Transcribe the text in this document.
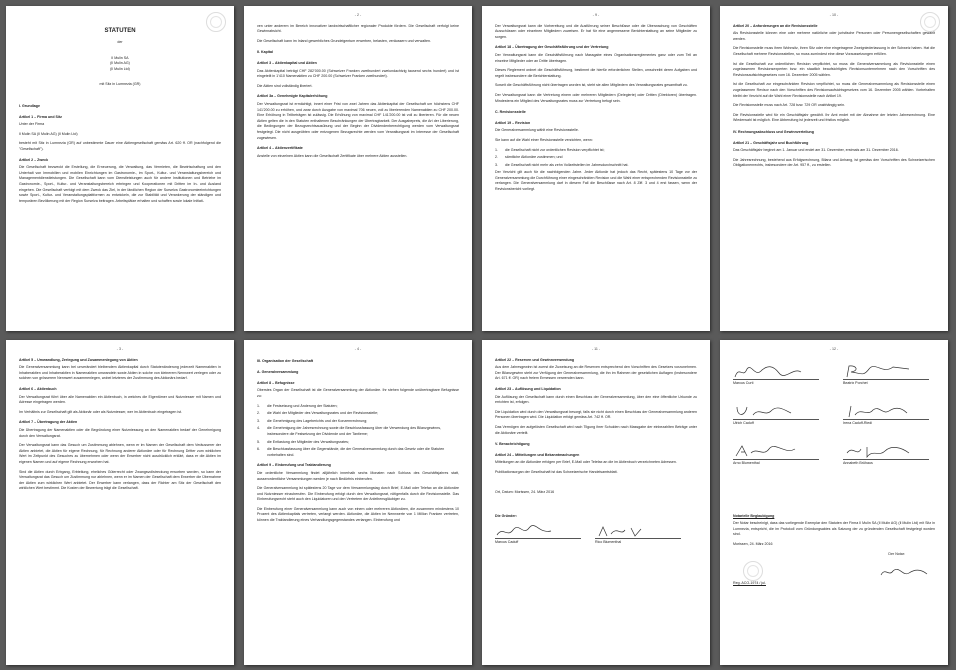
STATUTEN
der
Il Mulin SA
(Il Mulin AG)
(Il Mulin Ltd)
mit Sitz in Lumnezia (GR)
I. Grundlage
Artikel 1 – Firma und Sitz
Unter der Firma
Il Mulin SA (Il Mulin AG) (Il Mulin Ltd)
besteht mit Sitz in Lumnezia (GR) auf unbestimmte Dauer eine Aktiengesellschaft gemäss Art. 620 ff. OR (nachfolgend die "Gesellschaft").
Artikel 2 – Zweck
Die Gesellschaft bezweckt die Erstellung, die Erneuerung, die Verwaltung, das Vermieten, die Bewirtschaftung und den Unterhalt von Immobilien und mobilen Einrichtungen im Gastronomie-, im Sport-, Kultur- und Veranstaltungsbereich und Managementdienstleistungen. Die Gesellschaft kann vom Dienstleistungen auch für andere Institutionen und Betriebe im Gastronomie-, Sport-, Kultur- und Veranstaltungsbereich erbringen und Kooperationen mit Dritten im In- und Ausland eingehen. Die Gesellschaft verfolgt mit dem Zweck das Ziel, in der ländlichen Region der Surselva Gastronomieeinrichtungen sowie Sport-, Kultur- und Veranstaltungsplattformen zu entwickeln, die zur Stabilität und Verankerung der ständigen und temporären Bevölkerung mit der Region Surselva beitragen. Arbeitsplätze erhalten und schaffen sowie lokale Initiati-
- 2 -
ven unter anderem im Bereich innovativer landwirtschaftlicher regionaler Produkte fördern. Die Gesellschaft verfolgt keine Gewinnabsicht.
Die Gesellschaft kann im Inland gewerbliches Grundeigentum erwerben, belasten, veräussern und verwalten.
II. Kapital
Artikel 3 – Aktienkapital und Aktien
Das Aktienkapital beträgt CHF 282'000.00 (Schweizer Franken zweihundert zweiundachtzig tausend sechs hundert) und ist eingeteilt in 1'410 Namenaktien zu CHF 200.00 (Schweizer Franken zweihundert).
Die Aktien sind vollständig liberiert.
Artikel 3a – Genehmigte Kapitalerhöhung
Der Verwaltungsrat ist ermächtigt, innert einer Frist von zwei Jahren das Aktienkapital der Gesellschaft um höchstens CHF 141'200.00 zu erhöhen, und zwar durch Ausgabe von maximal 706 neuen, voll zu liberierenden Namenaktien zu CHF 200.00. Eine Erhöhung in Teilbeträgen ist zulässig. Die Erhöhung von maximal CHF 141'200.00 ist voll zu liberieren. Für die neuen Aktien gelten die in den Statuten enthaltenen Beschränkungen der Übertragbarkeit. Der Ausgabepreis, die Art der Liberierung, die Bedingungen der Bezugsrechtsausübung und der Beginn der Dividendenberechtigung werden vom Verwaltungsrat festgelegt. Die nicht ausgeübten oder entzogenen Bezugsrechte werden vom Verwaltungsrat im Interesse der Gesellschaft zugewiesen.
Artikel 4 – Aktienzertifikate
Anstelle von einzelnen Aktien kann die Gesellschaft Zertifikate über mehrere Aktien ausstellen.
- 9 -
Der Verwaltungsrat kann die Vorbereitung und die Ausführung seiner Beschlüsse oder die Überwachung von Geschäften Ausschüssen oder einzelnen Mitgliedern zuweisen. Er hat für eine angemessene Berichterstattung an seine Mitglieder zu sorgen.
Artikel 18 – Übertragung der Geschäftsführung und der Vertretung
Der Verwaltungsrat kann die Geschäftsführung nach Massgabe eines Organisationsreglementes ganz oder zum Teil an einzelne Mitglieder oder an Dritte übertragen.
Dieses Reglement ordnet die Geschäftsführung, bestimmt die hierfür erforderlichen Stellen, umschreibt deren Aufgaben und regelt insbesondere die Berichterstattung.
Soweit die Geschäftsführung nicht übertragen worden ist, steht sie allen Mitgliedern des Verwaltungsrates gesamthaft zu.
Der Verwaltungsrat kann die Vertretung einem oder mehreren Mitgliedern (Delegierte) oder Dritten (Direktoren) übertragen. Mindestens ein Mitglied des Verwaltungsrates muss zur Vertretung befugt sein.
C. Revisionsstelle
Artikel 19 – Revision
Die Generalversammlung wählt eine Revisionsstelle.
Sie kann auf die Wahl einer Revisionsstelle verzichten, wenn:
1.	die Gesellschaft nicht zur ordentlichen Revision verpflichtet ist;
2.	sämtliche Aktionäre zustimmen; und
3.	die Gesellschaft nicht mehr als zehn Vollzeitstellen im Jahresdurchschnitt hat.
Der Verzicht gilt auch für die nachfolgenden Jahre. Jeder Aktionär hat jedoch das Recht, spätestens 10 Tage vor der Generalversammlung die Durchführung einer eingeschränkten Revision und die Wahl einer entsprechenden Revisionsstelle zu verlangen. Die Generalversammlung darf in diesem Fall die Beschlüsse nach Art. 8 Ziff. 3 und 4 erst fassen, wenn der Revisionsbericht vorliegt.
- 10 -
Artikel 20 – Anforderungen an die Revisionsstelle
Als Revisionsstelle können eine oder mehrere natürliche oder juristische Personen oder Personengesellschaften gewählt werden.
Die Revisionsstelle muss ihren Wohnsitz, ihren Sitz oder eine eingetragene Zweigniederlassung in der Schweiz haben. Hat die Gesellschaft mehrere Revisionsstellen, so muss zumindest eine diese Voraussetzungen erfüllen.
Ist die Gesellschaft zur ordentlichen Revision verpflichtet, so muss die Generalversammlung als Revisionsstelle einen zugelassenen Revisionsexperten bzw. ein staatlich beaufsichtigtes Revisionsunternehmen nach den Vorschriften des Revisionsaufsichtsgesetzes vom 16. Dezember 2005 wählen.
Ist die Gesellschaft zur eingeschränkten Revision verpflichtet, so muss die Generalversammlung als Revisionsstelle einen zugelassenen Revisor nach den Vorschriften des Revisionsaufsichtsgesetzes vom 16. Dezember 2005 wählen. Vorbehalten bleibt der Verzicht auf die Wahl einer Revisionsstelle nach Artikel 19.
Die Revisionsstelle muss nach Art. 728 bzw. 729 OR unabhängig sein.
Die Revisionsstelle wird für ein Geschäftsjahr gewählt. Ihr Amt endet mit der Abnahme der letzten Jahresrechnung. Eine Wiederwahl ist möglich. Eine Abberufung ist jederzeit und fristlos möglich.
IV. Rechnungsabschluss und Gewinnverteilung
Artikel 21 – Geschäftsjahr und Buchführung
Das Geschäftsjahr beginnt am 1. Januar und endet am 31. Dezember, erstmals am 31. Dezember 2016.
Die Jahresrechnung, bestehend aus Erfolgsrechnung, Bilanz und Anhang, ist gemäss den Vorschriften des Schweizerischen Obligationenrechts, insbesondere der Art. 957 ff., zu erstellen.
- 3 -
Artikel 5 – Umwandlung, Zerlegung und Zusammenlegung von Aktien
Die Generalversammlung kann bei unverändert bleibendem Aktienkapital durch Statutenänderung jederzeit Namenaktien in Inhaberaktien und Inhaberaktien in Namenaktien umwandeln sowie Aktien in solche von kleinerem Nennwert zerlegen oder zu solchen von grösserem Nennwert zusammenlegen, wobei letzteres der Zustimmung des Aktionärs bedarf.
Artikel 6 – Aktienbuch
Der Verwaltungsrat führt über alle Namenaktien ein Aktienbuch, in welches die Eigentümer und Nutzniesser mit Namen und Adresse eingetragen werden.
Im Verhältnis zur Gesellschaft gilt als Aktionär oder als Nutzniesser, wer im Aktienbuch eingetragen ist.
Artikel 7 – Übertragung der Aktien
Die Übertragung der Namenaktien oder die Begründung einer Nutzniessung an den Namenaktien bedarf der Genehmigung durch den Verwaltungsrat.
Der Verwaltungsrat kann das Gesuch um Zustimmung ablehnen, wenn er im Namen der Gesellschaft dem Veräusserer der Aktien anbietet, die Aktien für eigene Rechnung, für Rechnung anderer Aktionäre oder für Rechnung Dritter zum wirklichen Wert im Zeitpunkt des Gesuches zu übernehmen oder wenn der Erwerber nicht ausdrücklich erklärt, dass er die Aktien im eigenen Namen und auf eigene Rechnung erworben hat.
Sind die Aktien durch Erbgang, Erbteilung, eheliches Güterrecht oder Zwangsvollstreckung erworben worden, so kann der Verwaltungsrat das Gesuch um Zustimmung nur ablehnen, wenn er im Namen der Gesellschaft dem Erwerber die Übernahme der Aktien zum wirklichen Wert anbietet. Der Erwerber kann verlangen, dass der Richter am Sitz der Gesellschaft den wirklichen Wert bestimmt. Die Kosten der Bewertung trägt die Gesellschaft.
- 4 -
III. Organisation der Gesellschaft
A. Generalversammlung
Artikel 8 – Befugnisse
Oberstes Organ der Gesellschaft ist die Generalversammlung der Aktionäre. Ihr stehen folgende unübertragbare Befugnisse zu:
1.	die Festsetzung und Änderung der Statuten;
2.	die Wahl der Mitglieder des Verwaltungsrates und der Revisionsstelle;
3.	die Genehmigung des Lageberichts und der Konzernrechnung;
4.	die Genehmigung der Jahresrechnung sowie die Beschlussfassung über die Verwendung des Bilanzgewinns, insbesondere die Festsetzung der Dividende und der Tantieme;
5.	die Entlastung der Mitglieder des Verwaltungsrates;
6.	die Beschlussfassung über die Gegenstände, die der Generalversammlung durch das Gesetz oder die Statuten vorbehalten sind.
Artikel 9 – Einberufung und Traktandierung
Die ordentliche Versammlung findet alljährlich innerhalb sechs Monaten nach Schluss des Geschäftsjahres statt, ausserordentliche Versammlungen werden je nach Bedürfnis einberufen.
Die Generalversammlung ist spätestens 20 Tage vor dem Versammlungstag durch Brief, E-Mail oder Telefax an die Aktionäre und Nutzniesser einzuberufen. Die Einberufung erfolgt durch den Verwaltungsrat, nötigenfalls durch die Revisionsstelle. Das Einberufungsrecht steht auch den Liquidatoren und den Vertretern der Anleihensgläubiger zu.
Die Einberufung einer Generalversammlung kann auch von einem oder mehreren Aktionären, die zusammen mindestens 10 Prozent des Aktienkapitals vertreten, verlangt werden. Aktionäre, die Aktien im Nennwerte von 1 Million Franken vertreten, können die Traktandierung eines Verhandlungsgegenstandes verlangen. Einberufung und
- 11 -
Artikel 22 – Reserven und Gewinnverwendung
Aus dem Jahresgewinn ist zuerst die Zuweisung an die Reserven entsprechend den Vorschriften des Gesetzes vorzunehmen. Der Bilanzgewinn steht zur Verfügung der Generalversammlung, die ihn im Rahmen der gesetzlichen Auflagen (insbesondere Art. 671 ff. OR) nach freiem Ermessen verwenden kann.
Artikel 23 – Auflösung und Liquidation
Die Auflösung der Gesellschaft kann durch einen Beschluss der Generalversammlung, über den eine öffentliche Urkunde zu errichten ist, erfolgen.
Die Liquidation wird durch den Verwaltungsrat besorgt, falls sie nicht durch einen Beschluss der Generalversammlung anderen Personen übertragen wird. Die Liquidation erfolgt gemäss Art. 742 ff. OR.
Das Vermögen der aufgelösten Gesellschaft wird nach Tilgung ihrer Schulden nach Massgabe der einbezahlten Beträge unter die Aktionäre verteilt.
V. Benachrichtigung
Artikel 24 – Mitteilungen und Bekanntmachungen
Mitteilungen an die Aktionäre erfolgen per Brief, E-Mail oder Telefax an die im Aktienbuch verzeichneten Adressen.
Publikationsorgan der Gesellschaft ist das Schweizerische Handelsamtsblatt.
Ort, Datum: Morissen, 24. März 2016
Die Gründer:
Marcus Caduff	Rico Blumenthal
- 12 -
Marcus Curti	Beatrix Porchet
Ulrich Caduff	Irena Caduff-Riedi
Arno Blumenthal	Annabeth Brühaus
Notarielle Beglaubigung
Der Notar bescheinigt, dass das vorliegende Exemplar den Statuten der Firma Il Mulin SA (Il Mulin AG) (Il Mulin Ltd) mit Sitz in Lumnezia, entspricht, die im Protokoll vom Gründungsaktes als Satzung der zu gründenden Gesellschaft festgelegt worden sind.
Morissen, 24. März 2016
Der Notar:
Reg. ACO-1974 / jul.
